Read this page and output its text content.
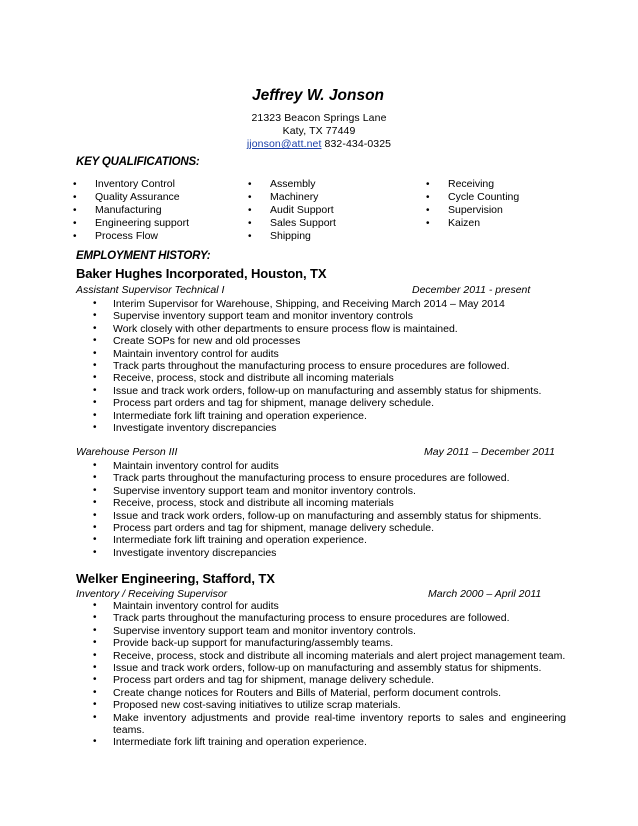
Jeffrey W. Jonson
21323 Beacon Springs Lane
Katy, TX 77449
jjonson@att.net 832-434-0325
KEY QUALIFICATIONS:
• Inventory Control
• Quality Assurance
• Manufacturing
• Engineering support
• Process Flow
• Assembly
• Machinery
• Audit Support
• Sales Support
• Shipping
• Receiving
• Cycle Counting
• Supervision
• Kaizen
EMPLOYMENT HISTORY:
Baker Hughes Incorporated, Houston, TX
Assistant Supervisor Technical I	December 2011 - present
• Interim Supervisor for Warehouse, Shipping, and Receiving March 2014 – May 2014
• Supervise inventory support team and monitor inventory controls
• Work closely with other departments to ensure process flow is maintained.
• Create SOPs for new and old processes
• Maintain inventory control for audits
• Track parts throughout the manufacturing process to ensure procedures are followed.
• Receive, process, stock and distribute all incoming materials
• Issue and track work orders, follow-up on manufacturing and assembly status for shipments.
• Process part orders and tag for shipment, manage delivery schedule.
• Intermediate fork lift training and operation experience.
• Investigate inventory discrepancies
Warehouse Person III	May 2011 – December 2011
• Maintain inventory control for audits
• Track parts throughout the manufacturing process to ensure procedures are followed.
• Supervise inventory support team and monitor inventory controls.
• Receive, process, stock and distribute all incoming materials
• Issue and track work orders, follow-up on manufacturing and assembly status for shipments.
• Process part orders and tag for shipment, manage delivery schedule.
• Intermediate fork lift training and operation experience.
• Investigate inventory discrepancies
Welker Engineering, Stafford, TX
Inventory / Receiving Supervisor	March 2000 – April 2011
• Maintain inventory control for audits
• Track parts throughout the manufacturing process to ensure procedures are followed.
• Supervise inventory support team and monitor inventory controls.
• Provide back-up support for manufacturing/assembly teams.
• Receive, process, stock and distribute all incoming materials and alert project management team.
• Issue and track work orders, follow-up on manufacturing and assembly status for shipments.
• Process part orders and tag for shipment, manage delivery schedule.
• Create change notices for Routers and Bills of Material, perform document controls.
• Proposed new cost-saving initiatives to utilize scrap materials.
• Make inventory adjustments and provide real-time inventory reports to sales and engineering teams.
• Intermediate fork lift training and operation experience.
